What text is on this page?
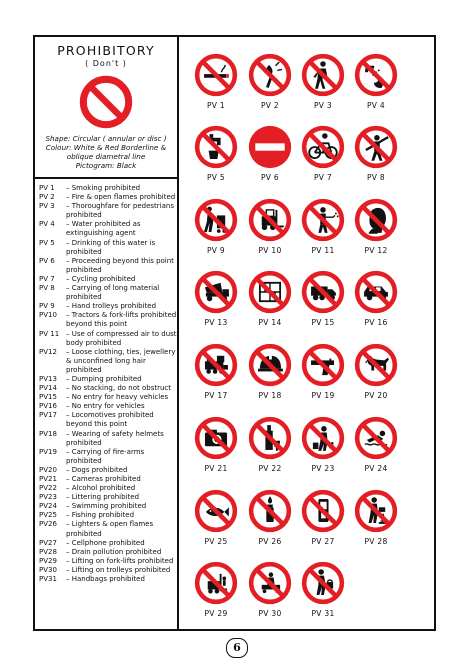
PROHIBITORY
( Don't )
Shape: Circular ( annular or disc )
Colour: White & Red Borderline &
oblique diametral line
Pictogram: Black
PV 1	– Smoking prohibited
PV 2	– Fire & open flames prohibited
PV 3	– Thoroughfare for pedestrians prohibited
PV 4	– Water prohibited as extinguishing agent
PV 5	– Drinking of this water is prohibited
PV 6	– Proceeding beyond this point prohibited
PV 7	– Cycling prohibited
PV 8	– Carrying of long material prohibited
PV 9	– Hand trolleys prohibited
PV10	– Tractors & fork-lifts prohibited beyond this point
PV 11 – Use of compressed air to dust body prohibited
PV12	– Loose clothing, ties, jewellery & unconfined long hair prohibited
PV13	– Dumping prohibited
PV14	– No stacking, do not obstruct
PV15	– No entry for heavy vehicles
PV16	– No entry for vehicles
PV17	– Locomotives prohibited beyond this point
PV18	– Wearing of safety helmets prohibited
PV19	– Carrying of fire-arms prohibited
PV20	– Dogs prohibited
PV21	– Cameras prohibited
PV22	– Alcohol prohibited
PV23	– Littering prohibited
PV24	– Swimming prohibited
PV25	– Fishing prohibited
PV26	– Lighters & open flames prohibited
PV27	– Cellphone prohibited
PV28	– Drain pollution prohibited
PV29	– Lifting on fork-lifts prohibited
PV30	– Lifting on trolleys prohibited
PV31	– Handbags prohibited
PV 1	PV 2	PV 3	PV 4
PV 5	PV 6	PV 7	PV 8
PV 9	PV 10	PV 11	PV 12
PV 13	PV 14	PV 15	PV 16
PV 17	PV 18	PV 19	PV 20
PV 21	PV 22	PV 23	PV 24
PV 25	PV 26	PV 27	PV 28
PV 29	PV 30	PV 31
6
